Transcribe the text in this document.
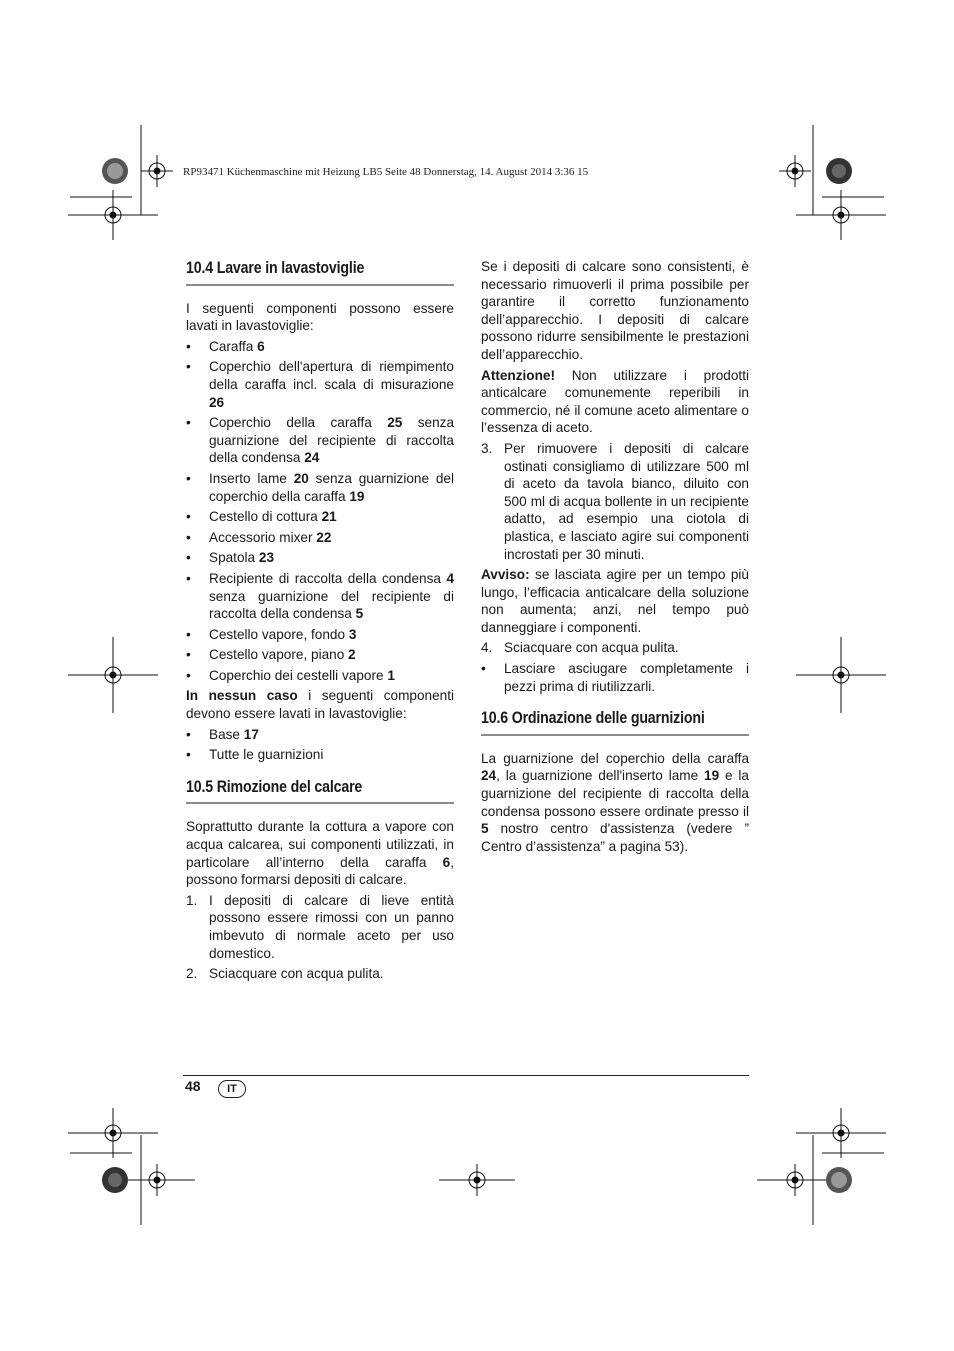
RP93471 Küchenmaschine mit Heizung LB5 Seite 48 Donnerstag, 14. August 2014 3:36 15
10.4 Lavare in lavastoviglie

I seguenti componenti possono essere lavati in lavastoviglie:

• Caraffa 6
• Coperchio dell'apertura di riempimento della caraffa incl. scala di misurazione 26
• Coperchio della caraffa 25 senza guarnizione del recipiente di raccolta della condensa 24
• Inserto lame 20 senza guarnizione del coperchio della caraffa 19
• Cestello di cottura 21
• Accessorio mixer 22
• Spatola 23
• Recipiente di raccolta della condensa 4 senza guarnizione del recipiente di raccolta della condensa 5
• Cestello vapore, fondo 3
• Cestello vapore, piano 2
• Coperchio dei cestelli vapore 1

In nessun caso i seguenti componenti devono essere lavati in lavastoviglie:

• Base 17
• Tutte le guarnizioni
10.5 Rimozione del calcare

Soprattutto durante la cottura a vapore con acqua calcarea, sui componenti utilizzati, in particolare all’interno della caraffa 6, possono formarsi depositi di calcare.

1. I depositi di calcare di lieve entità possono essere rimossi con un panno imbevuto di normale aceto per uso domestico.
2. Sciacquare con acqua pulita.

Se i depositi di calcare sono consistenti, è necessario rimuoverli il prima possibile per garantire il corretto funzionamento dell’apparecchio. I depositi di calcare possono ridurre sensibilmente le prestazioni dell’apparecchio.

Attenzione! Non utilizzare i prodotti anticalcare comunemente reperibili in commercio, né il comune aceto alimentare o l’essenza di aceto.

3. Per rimuovere i depositi di calcare ostinati consigliamo di utilizzare 500 ml di aceto da tavola bianco, diluito con 500 ml di acqua bollente in un recipiente adatto, ad esempio una ciotola di plastica, e lasciato agire sui componenti incrostati per 30 minuti.

Avviso: se lasciata agire per un tempo più lungo, l’efficacia anticalcare della soluzione non aumenta; anzi, nel tempo può danneggiare i componenti.

4. Sciacquare con acqua pulita.
• Lasciare asciugare completamente i pezzi prima di riutilizzarli.
10.6 Ordinazione delle guarnizioni

La guarnizione del coperchio della caraffa 24, la guarnizione dell'inserto lame 19 e la guarnizione del recipiente di raccolta della condensa possono essere ordinate presso il 5 nostro centro d'assistenza (vedere ” Centro d’assistenza” a pagina 53).

48	IT
